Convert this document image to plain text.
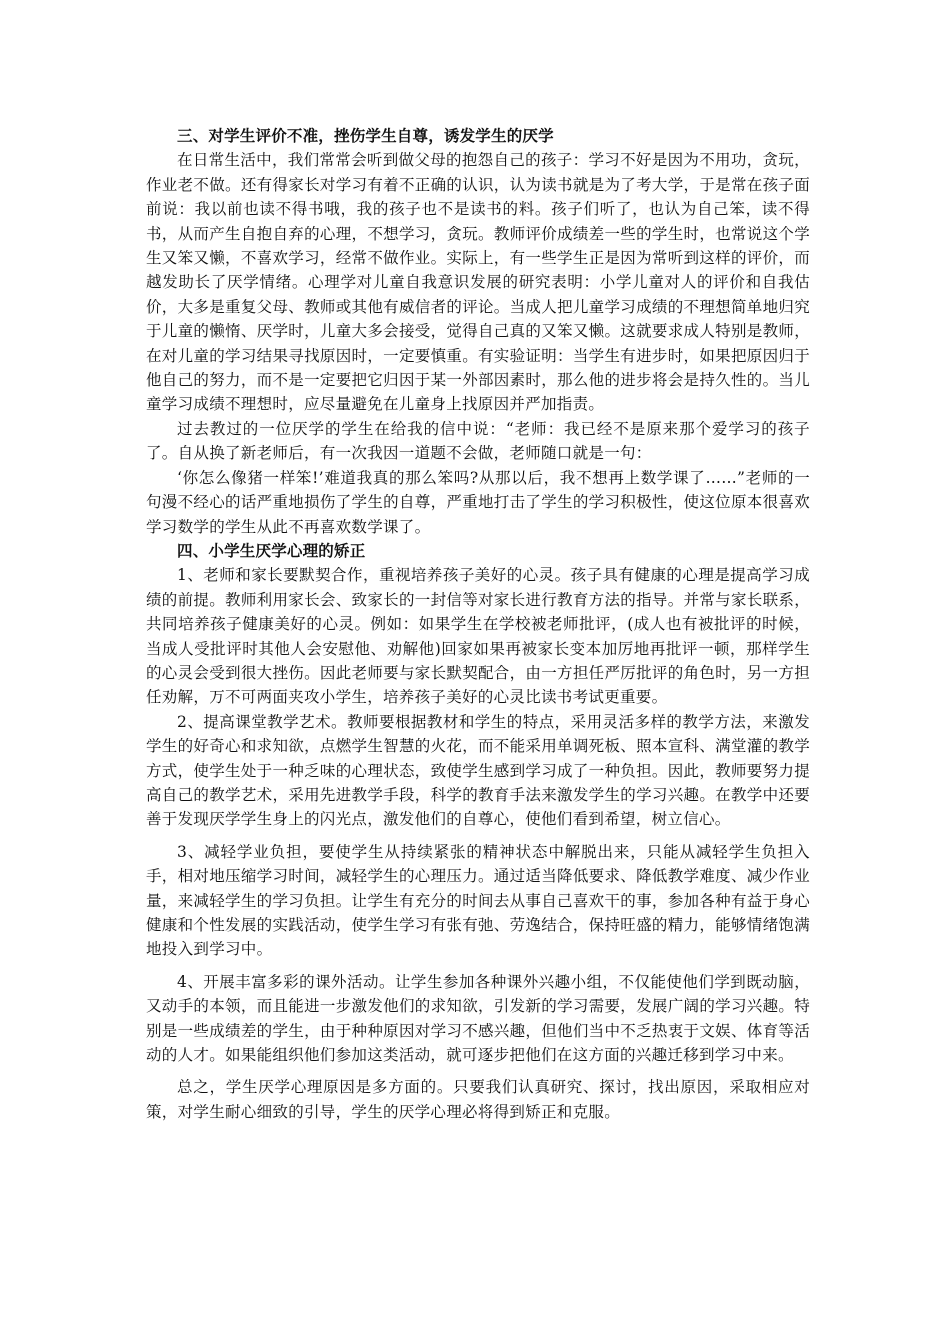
三、对学生评价不准，挫伤学生自尊，诱发学生的厌学

在日常生活中，我们常常会听到做父母的抱怨自己的孩子：学习不好是因为不用功，贪玩，作业老不做。还有得家长对学习有着不正确的认识，认为读书就是为了考大学，于是常在孩子面前说：我以前也读不得书哦，我的孩子也不是读书的料。孩子们听了，也认为自己笨，读不得书，从而产生自抱自弃的心理，不想学习，贪玩。教师评价成绩差一些的学生时，也常说这个学生又笨又懒，不喜欢学习，经常不做作业。实际上，有一些学生正是因为常听到这样的评价，而越发助长了厌学情绪。心理学对儿童自我意识发展的研究表明：小学儿童对人的评价和自我估价，大多是重复父母、教师或其他有威信者的评论。当成人把儿童学习成绩的不理想简单地归究于儿童的懒惰、厌学时，儿童大多会接受，觉得自己真的又笨又懒。这就要求成人特别是教师，在对儿童的学习结果寻找原因时，一定要慎重。有实验证明：当学生有进步时，如果把原因归于他自己的努力，而不是一定要把它归因于某一外部因素时，那么他的进步将会是持久性的。当儿童学习成绩不理想时，应尽量避免在儿童身上找原因并严加指责。

过去教过的一位厌学的学生在给我的信中说：“老师：我已经不是原来那个爱学习的孩子了。自从换了新老师后，有一次我因一道题不会做，老师随口就是一句：

‘你怎么像猪一样笨!’难道我真的那么笨吗?从那以后，我不想再上数学课了……”老师的一句漫不经心的话严重地损伤了学生的自尊，严重地打击了学生的学习积极性，使这位原本很喜欢学习数学的学生从此不再喜欢数学课了。

四、小学生厌学心理的矫正

1、老师和家长要默契合作，重视培养孩子美好的心灵。孩子具有健康的心理是提高学习成绩的前提。教师利用家长会、致家长的一封信等对家长进行教育方法的指导。并常与家长联系，共同培养孩子健康美好的心灵。例如：如果学生在学校被老师批评，(成人也有被批评的时候，当成人受批评时其他人会安慰他、劝解他)回家如果再被家长变本加厉地再批评一顿，那样学生的心灵会受到很大挫伤。因此老师要与家长默契配合，由一方担任严厉批评的角色时，另一方担任劝解，万不可两面夹攻小学生，培养孩子美好的心灵比读书考试更重要。

2、提高课堂教学艺术。教师要根据教材和学生的特点，采用灵活多样的教学方法，来激发学生的好奇心和求知欲，点燃学生智慧的火花，而不能采用单调死板、照本宣科、满堂灌的教学方式，使学生处于一种乏味的心理状态，致使学生感到学习成了一种负担。因此，教师要努力提高自己的教学艺术，采用先进教学手段，科学的教育手法来激发学生的学习兴趣。在教学中还要善于发现厌学学生身上的闪光点，激发他们的自尊心，使他们看到希望，树立信心。

3、减轻学业负担，要使学生从持续紧张的精神状态中解脱出来，只能从减轻学生负担入手，相对地压缩学习时间，减轻学生的心理压力。通过适当降低要求、降低教学难度、减少作业量，来减轻学生的学习负担。让学生有充分的时间去从事自己喜欢干的事，参加各种有益于身心健康和个性发展的实践活动，使学生学习有张有弛、劳逸结合，保持旺盛的精力，能够情绪饱满地投入到学习中。

4、开展丰富多彩的课外活动。让学生参加各种课外兴趣小组，不仅能使他们学到既动脑，又动手的本领，而且能进一步激发他们的求知欲，引发新的学习需要，发展广阔的学习兴趣。特别是一些成绩差的学生，由于种种原因对学习不感兴趣，但他们当中不乏热衷于文娱、体育等活动的人才。如果能组织他们参加这类活动，就可逐步把他们在这方面的兴趣迁移到学习中来。

总之，学生厌学心理原因是多方面的。只要我们认真研究、探讨，找出原因，采取相应对策，对学生耐心细致的引导，学生的厌学心理必将得到矫正和克服。
